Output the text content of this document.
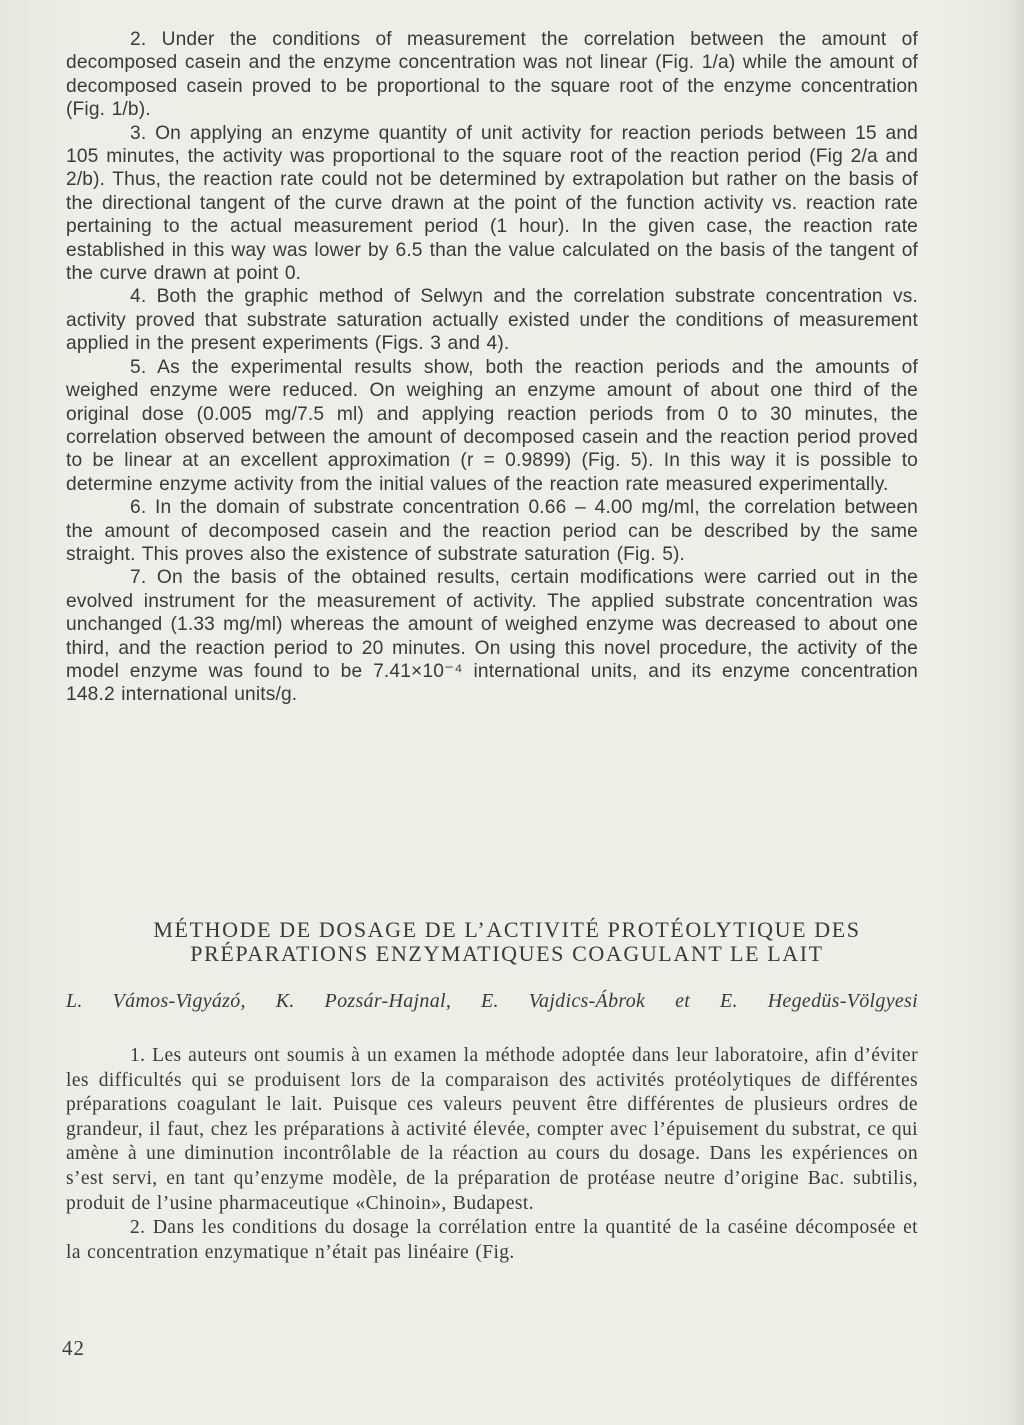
2. Under the conditions of measurement the correlation between the amount of decomposed casein and the enzyme concentration was not linear (Fig. 1/a) while the amount of decomposed casein proved to be proportional to the square root of the enzyme concentration (Fig. 1/b).

3. On applying an enzyme quantity of unit activity for reaction periods between 15 and 105 minutes, the activity was proportional to the square root of the reaction period (Fig 2/a and 2/b). Thus, the reaction rate could not be determined by extrapolation but rather on the basis of the directional tangent of the curve drawn at the point of the function activity vs. reaction rate pertaining to the actual measurement period (1 hour). In the given case, the reaction rate established in this way was lower by 6.5 than the value calculated on the basis of the tangent of the curve drawn at point 0.

4. Both the graphic method of Selwyn and the correlation substrate concentration vs. activity proved that substrate saturation actually existed under the conditions of measurement applied in the present experiments (Figs. 3 and 4).

5. As the experimental results show, both the reaction periods and the amounts of weighed enzyme were reduced. On weighing an enzyme amount of about one third of the original dose (0.005 mg/7.5 ml) and applying reaction periods from 0 to 30 minutes, the correlation observed between the amount of decomposed casein and the reaction period proved to be linear at an excellent approximation (r = 0.9899) (Fig. 5). In this way it is possible to determine enzyme activity from the initial values of the reaction rate measured experimentally.

6. In the domain of substrate concentration 0.66 – 4.00 mg/ml, the correlation between the amount of decomposed casein and the reaction period can be described by the same straight. This proves also the existence of substrate saturation (Fig. 5).

7. On the basis of the obtained results, certain modifications were carried out in the evolved instrument for the measurement of activity. The applied substrate concentration was unchanged (1.33 mg/ml) whereas the amount of weighed enzyme was decreased to about one third, and the reaction period to 20 minutes. On using this novel procedure, the activity of the model enzyme was found to be 7.41×10⁻⁴ international units, and its enzyme concentration 148.2 international units/g.

MÉTHODE DE DOSAGE DE L’ACTIVITÉ PROTÉOLYTIQUE DES PRÉPARATIONS ENZYMATIQUES COAGULANT LE LAIT

L. Vámos-Vigyázó, K. Pozsár-Hajnal, E. Vajdics-Ábrok et E. Hegedüs-Völgyesi

1. Les auteurs ont soumis à un examen la méthode adoptée dans leur laboratoire, afin d’éviter les difficultés qui se produisent lors de la comparaison des activités protéolytiques de différentes préparations coagulant le lait. Puisque ces valeurs peuvent être différentes de plusieurs ordres de grandeur, il faut, chez les préparations à activité élevée, compter avec l’épuisement du substrat, ce qui amène à une diminution incontrôlable de la réaction au cours du dosage. Dans les expériences on s’est servi, en tant qu’enzyme modèle, de la préparation de protéase neutre d’origine Bac. subtilis, produit de l’usine pharmaceutique «Chinoin», Budapest.

2. Dans les conditions du dosage la corrélation entre la quantité de la caséine décomposée et la concentration enzymatique n’était pas linéaire (Fig.

42
